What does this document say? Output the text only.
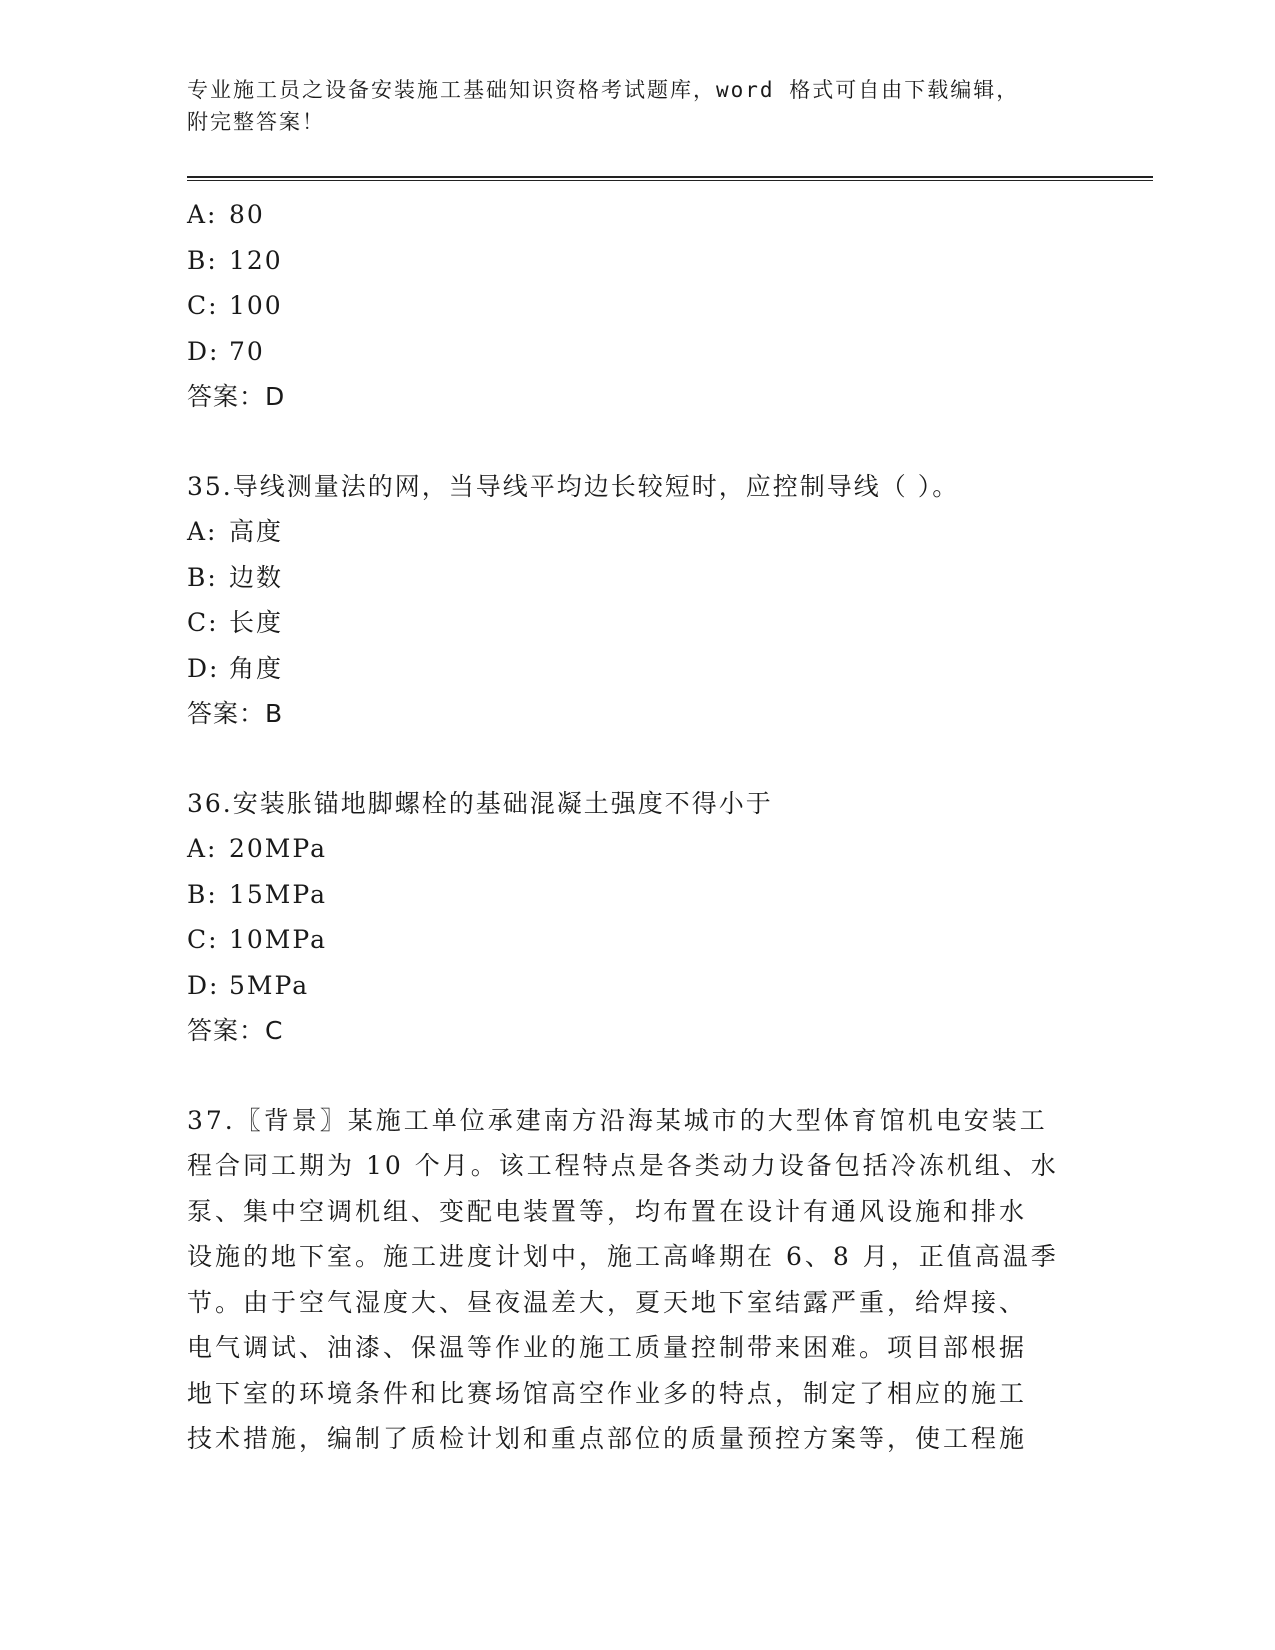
专业施工员之设备安装施工基础知识资格考试题库，word 格式可自由下载编辑，
附完整答案！
A: 80
B: 120
C: 100
D: 70
答案：D
35.导线测量法的网，当导线平均边长较短时，应控制导线（ ）。
A: 高度
B: 边数
C: 长度
D: 角度
答案：B
36.安装胀锚地脚螺栓的基础混凝土强度不得小于
A: 20MPa
B: 15MPa
C: 10MPa
D: 5MPa
答案：C
37.〖背景〗某施工单位承建南方沿海某城市的大型体育馆机电安装工
程合同工期为 10 个月。该工程特点是各类动力设备包括冷冻机组、水
泵、集中空调机组、变配电装置等，均布置在设计有通风设施和排水
设施的地下室。施工进度计划中，施工高峰期在 6、8 月，正值高温季
节。由于空气湿度大、昼夜温差大，夏天地下室结露严重，给焊接、
电气调试、油漆、保温等作业的施工质量控制带来困难。项目部根据
地下室的环境条件和比赛场馆高空作业多的特点，制定了相应的施工
技术措施，编制了质检计划和重点部位的质量预控方案等，使工程施
